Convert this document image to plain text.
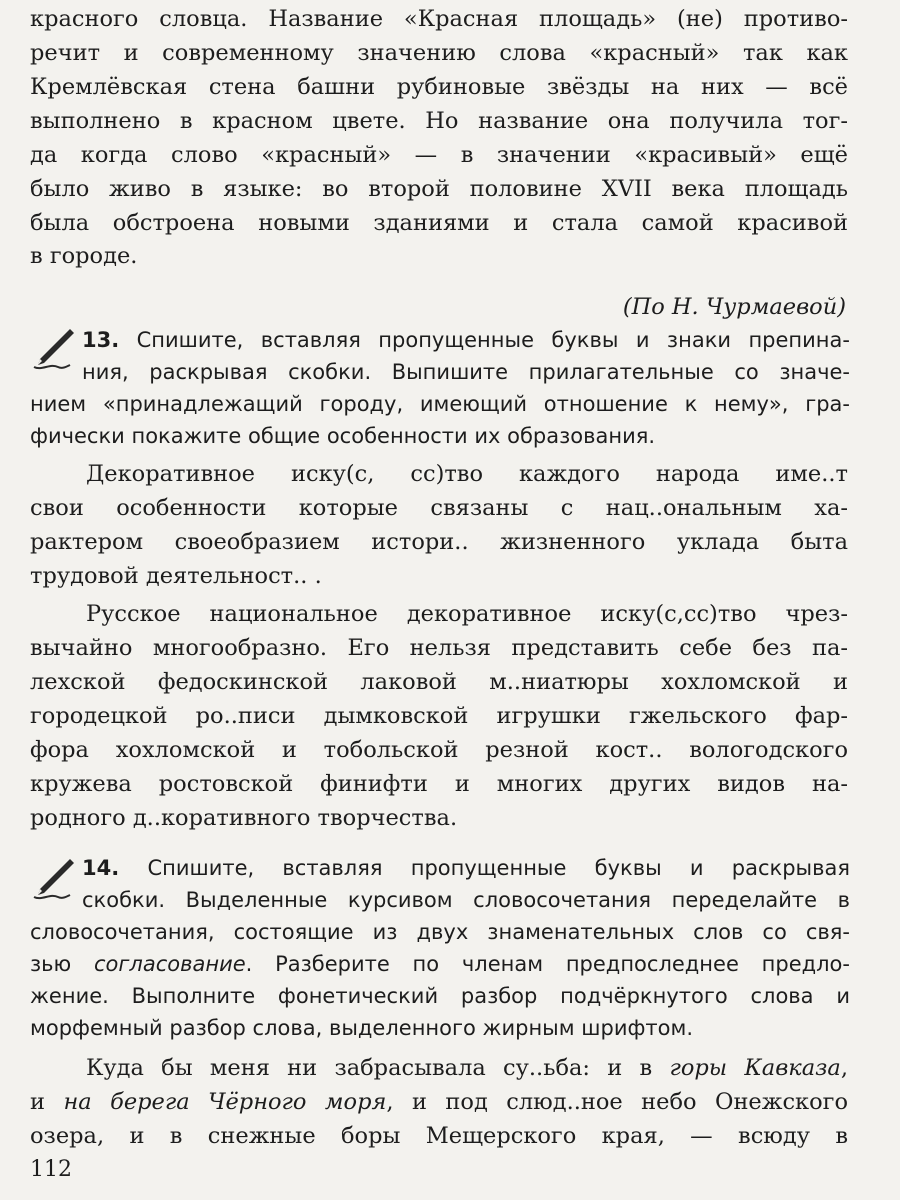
красного словца. Название «Красная площадь» (не) противо-

речит и современному значению слова «красный» так как

Кремлёвская стена башни рубиновые звёзды на них — всё

выполнено в красном цвете. Но название она получила тог-

да когда слово «красный» — в значении «красивый» ещё

было живо в языке: во второй половине XVII века площадь

была обстроена новыми зданиями и стала самой красивой

в городе.

(По Н. Чурмаевой)

13. Спишите, вставляя пропущенные буквы и знаки препина-

ния, раскрывая скобки. Выпишите прилагательные со значе-

нием «принадлежащий городу, имеющий отношение к нему», гра-

фически покажите общие особенности их образования.

Декоративное иску(с, сс)тво каждого народа име..т

свои особенности которые связаны с нац..ональным ха-

рактером своеобразием истори.. жизненного уклада быта

трудовой деятельност.. .

Русское национальное декоративное иску(с,сс)тво чрез-

вычайно многообразно. Его нельзя представить себе без па-

лехской федоскинской лаковой м..ниатюры хохломской и

городецкой ро..писи дымковской игрушки гжельского фар-

фора хохломской и тобольской резной кост.. вологодского

кружева ростовской финифти и многих других видов на-

родного д..коративного творчества.

14. Спишите, вставляя пропущенные буквы и раскрывая

скобки. Выделенные курсивом словосочетания переделайте в

словосочетания, состоящие из двух знаменательных слов со свя-

зью согласование. Разберите по членам предпоследнее предло-

жение. Выполните фонетический разбор подчёркнутого слова и

морфемный разбор слова, выделенного жирным шрифтом.

Куда бы меня ни забрасывала су..ьба: и в горы Кавказа,

и на берега Чёрного моря, и под слюд..ное небо Онежского

озера, и в снежные боры Мещерского края, — всюду в

112
